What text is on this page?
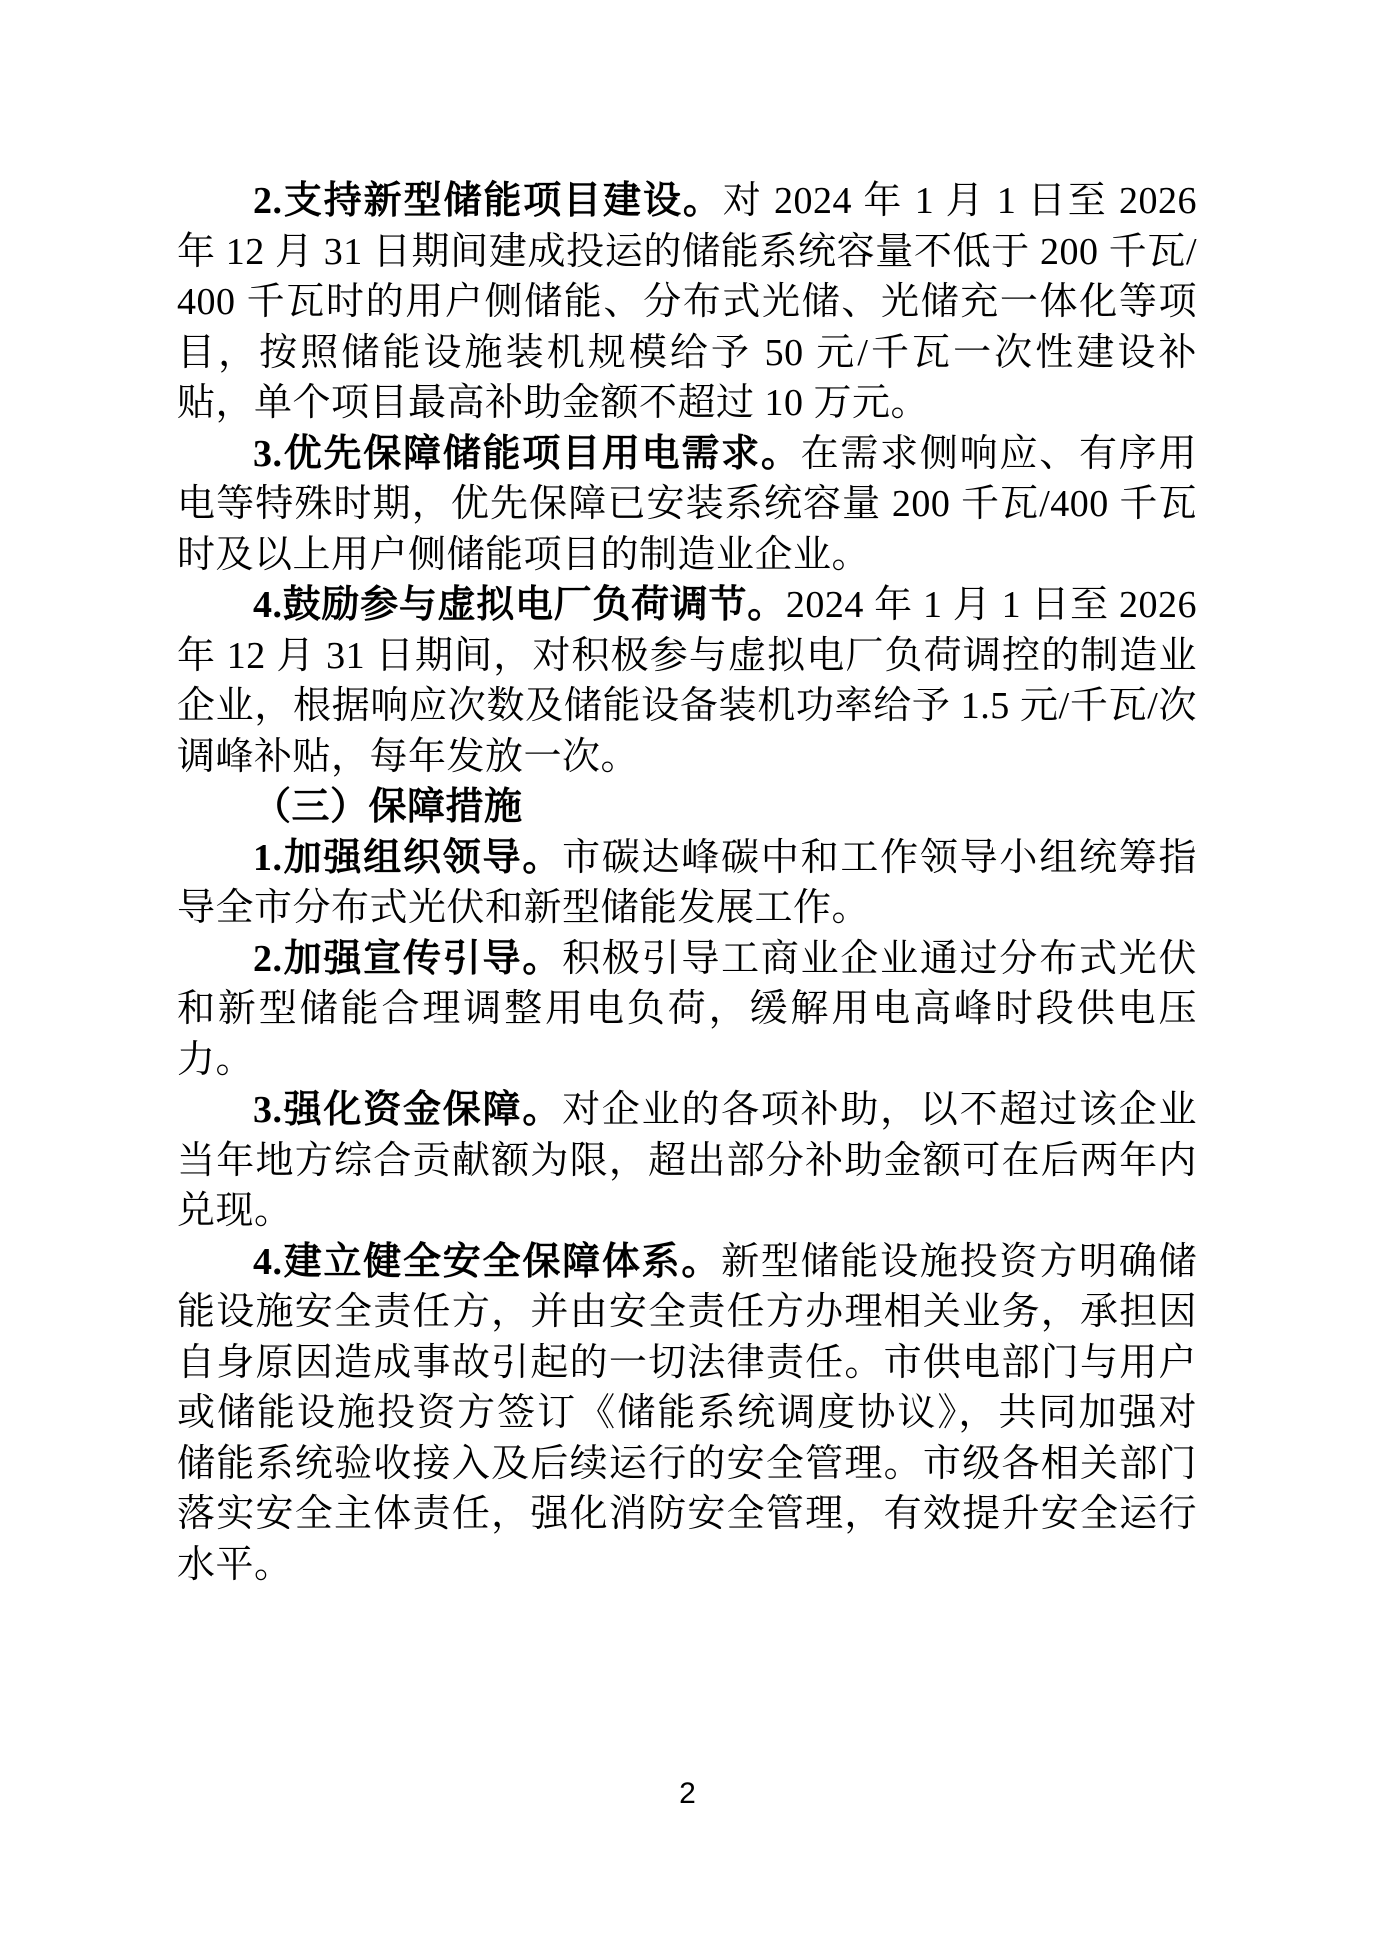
2.支持新型储能项目建设。对 2024 年 1 月 1 日至 2026 年 12 月 31 日期间建成投运的储能系统容量不低于 200 千瓦/400 千瓦时的用户侧储能、分布式光储、光储充一体化等项目，按照储能设施装机规模给予 50 元/千瓦一次性建设补贴，单个项目最高补助金额不超过 10 万元。

3.优先保障储能项目用电需求。在需求侧响应、有序用电等特殊时期，优先保障已安装系统容量 200 千瓦/400 千瓦时及以上用户侧储能项目的制造业企业。

4.鼓励参与虚拟电厂负荷调节。2024 年 1 月 1 日至 2026 年 12 月 31 日期间，对积极参与虚拟电厂负荷调控的制造业企业，根据响应次数及储能设备装机功率给予 1.5 元/千瓦/次调峰补贴，每年发放一次。

（三）保障措施

1.加强组织领导。市碳达峰碳中和工作领导小组统筹指导全市分布式光伏和新型储能发展工作。

2.加强宣传引导。积极引导工商业企业通过分布式光伏和新型储能合理调整用电负荷，缓解用电高峰时段供电压力。

3.强化资金保障。对企业的各项补助，以不超过该企业当年地方综合贡献额为限，超出部分补助金额可在后两年内兑现。

4.建立健全安全保障体系。新型储能设施投资方明确储能设施安全责任方，并由安全责任方办理相关业务，承担因自身原因造成事故引起的一切法律责任。市供电部门与用户或储能设施投资方签订《储能系统调度协议》，共同加强对储能系统验收接入及后续运行的安全管理。市级各相关部门落实安全主体责任，强化消防安全管理，有效提升安全运行水平。

2
